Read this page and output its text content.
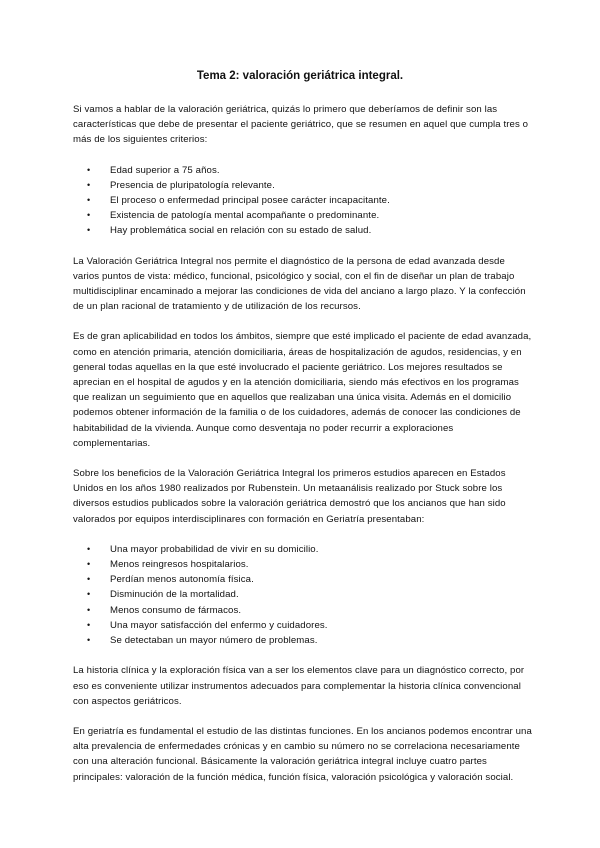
Tema 2: valoración geriátrica integral.

Si vamos a hablar de la valoración geriátrica, quizás lo primero que deberíamos de definir son las características que debe de presentar el paciente geriátrico, que se resumen en aquel que cumpla tres o más de los siguientes criterios:

• Edad superior a 75 años.
• Presencia de pluripatología relevante.
• El proceso o enfermedad principal posee carácter incapacitante.
• Existencia de patología mental acompañante o predominante.
• Hay problemática social en relación con su estado de salud.

La Valoración Geriátrica Integral nos permite el diagnóstico de la persona de edad avanzada desde varios puntos de vista: médico, funcional, psicológico y social, con el fin de diseñar un plan de trabajo multidisciplinar encaminado a mejorar las condiciones de vida del anciano a largo plazo. Y la confección de un plan racional de tratamiento y de utilización de los recursos.

Es de gran aplicabilidad en todos los ámbitos, siempre que esté implicado el paciente de edad avanzada, como en atención primaria, atención domiciliaria, áreas de hospitalización de agudos, residencias, y en general todas aquellas en la que esté involucrado el paciente geriátrico. Los mejores resultados se aprecian en el hospital de agudos y en la atención domiciliaria, siendo más efectivos en los programas que realizan un seguimiento que en aquellos que realizaban una única visita. Además en el domicilio podemos obtener información de la familia o de los cuidadores, además de conocer las condiciones de habitabilidad de la vivienda. Aunque como desventaja no poder recurrir a exploraciones complementarias.

Sobre los beneficios de la Valoración Geriátrica Integral los primeros estudios aparecen en Estados Unidos en los años 1980 realizados por Rubenstein. Un metaanálisis realizado por Stuck sobre los diversos estudios publicados sobre la valoración geriátrica demostró que los ancianos que han sido valorados por equipos interdisciplinares con formación en Geriatría presentaban:

• Una mayor probabilidad de vivir en su domicilio.
• Menos reingresos hospitalarios.
• Perdían menos autonomía física.
• Disminución de la mortalidad.
• Menos consumo de fármacos.
• Una mayor satisfacción del enfermo y cuidadores.
• Se detectaban un mayor número de problemas.

La historia clínica y la exploración física van a ser los elementos clave para un diagnóstico correcto, por eso es conveniente utilizar instrumentos adecuados para complementar la historia clínica convencional con aspectos geriátricos.

En geriatría es fundamental el estudio de las distintas funciones. En los ancianos podemos encontrar una alta prevalencia de enfermedades crónicas y en cambio su número no se correlaciona necesariamente con una alteración funcional. Básicamente la valoración geriátrica integral incluye cuatro partes principales: valoración de la función médica, función física, valoración psicológica y valoración social.
